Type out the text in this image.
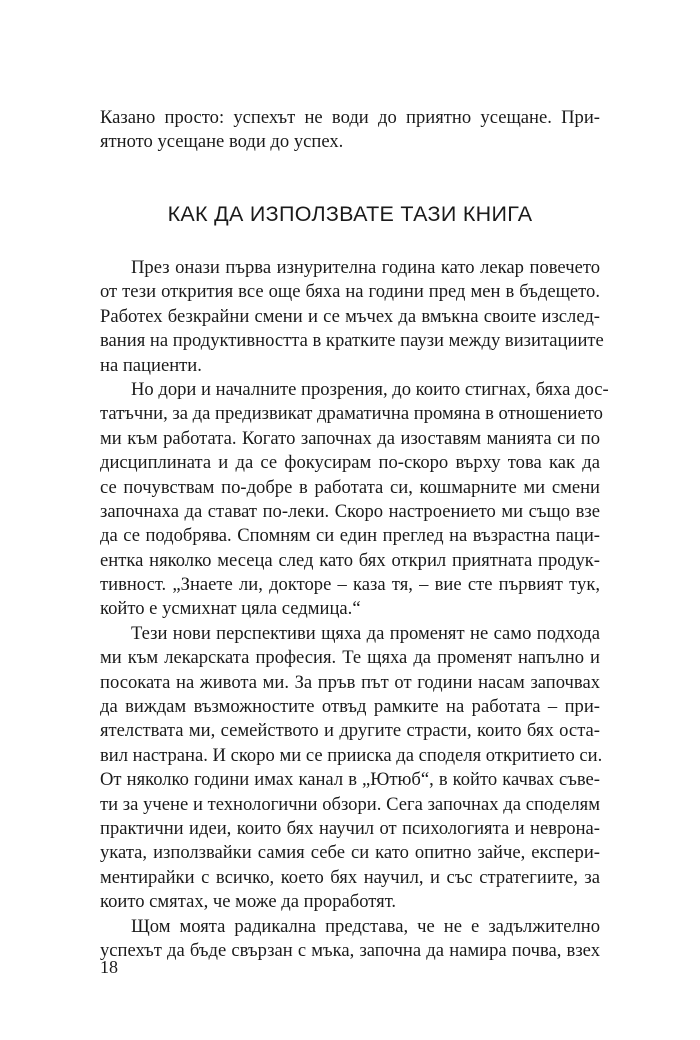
Казано просто: успехът не води до приятно усещане. При-
ятното усещане води до успех.
КАК ДА ИЗПОЛЗВАТЕ ТАЗИ КНИГА
През онази първа изнурителна година като лекар повечето
от тези открития все още бяха на години пред мен в бъдещето.
Работех безкрайни смени и се мъчех да вмъкна своите изслед-
вания на продуктивността в кратките паузи между визитациите
на пациенти.
Но дори и началните прозрения, до които стигнах, бяха дос-
татъчни, за да предизвикат драматична промяна в отношението
ми към работата. Когато започнах да изоставям манията си по
дисциплината и да се фокусирам по-скоро върху това как да
се почувствам по-добре в работата си, кошмарните ми смени
започнаха да стават по-леки. Скоро настроението ми също взе
да се подобрява. Спомням си един преглед на възрастна паци-
ентка няколко месеца след като бях открил приятната продук-
тивност. „Знаете ли, докторе – каза тя, – вие сте първият тук,
който е усмихнат цяла седмица.“
Тези нови перспективи щяха да променят не само подхода
ми към лекарската професия. Те щяха да променят напълно и
посоката на живота ми. За пръв път от години насам започвах
да виждам възможностите отвъд рамките на работата – при-
ятелствата ми, семейството и другите страсти, които бях оста-
вил настрана. И скоро ми се прииска да споделя откритието си.
От няколко години имах канал в „Ютюб“, в който качвах съве-
ти за учене и технологични обзори. Сега започнах да споделям
практични идеи, които бях научил от психологията и неврона-
уката, използвайки самия себе си като опитно зайче, експери-
ментирайки с всичко, което бях научил, и със стратегиите, за
които смятах, че може да проработят.
Щом моята радикална представа, че не е задължително
успехът да бъде свързан с мъка, започна да намира почва, взех
18
